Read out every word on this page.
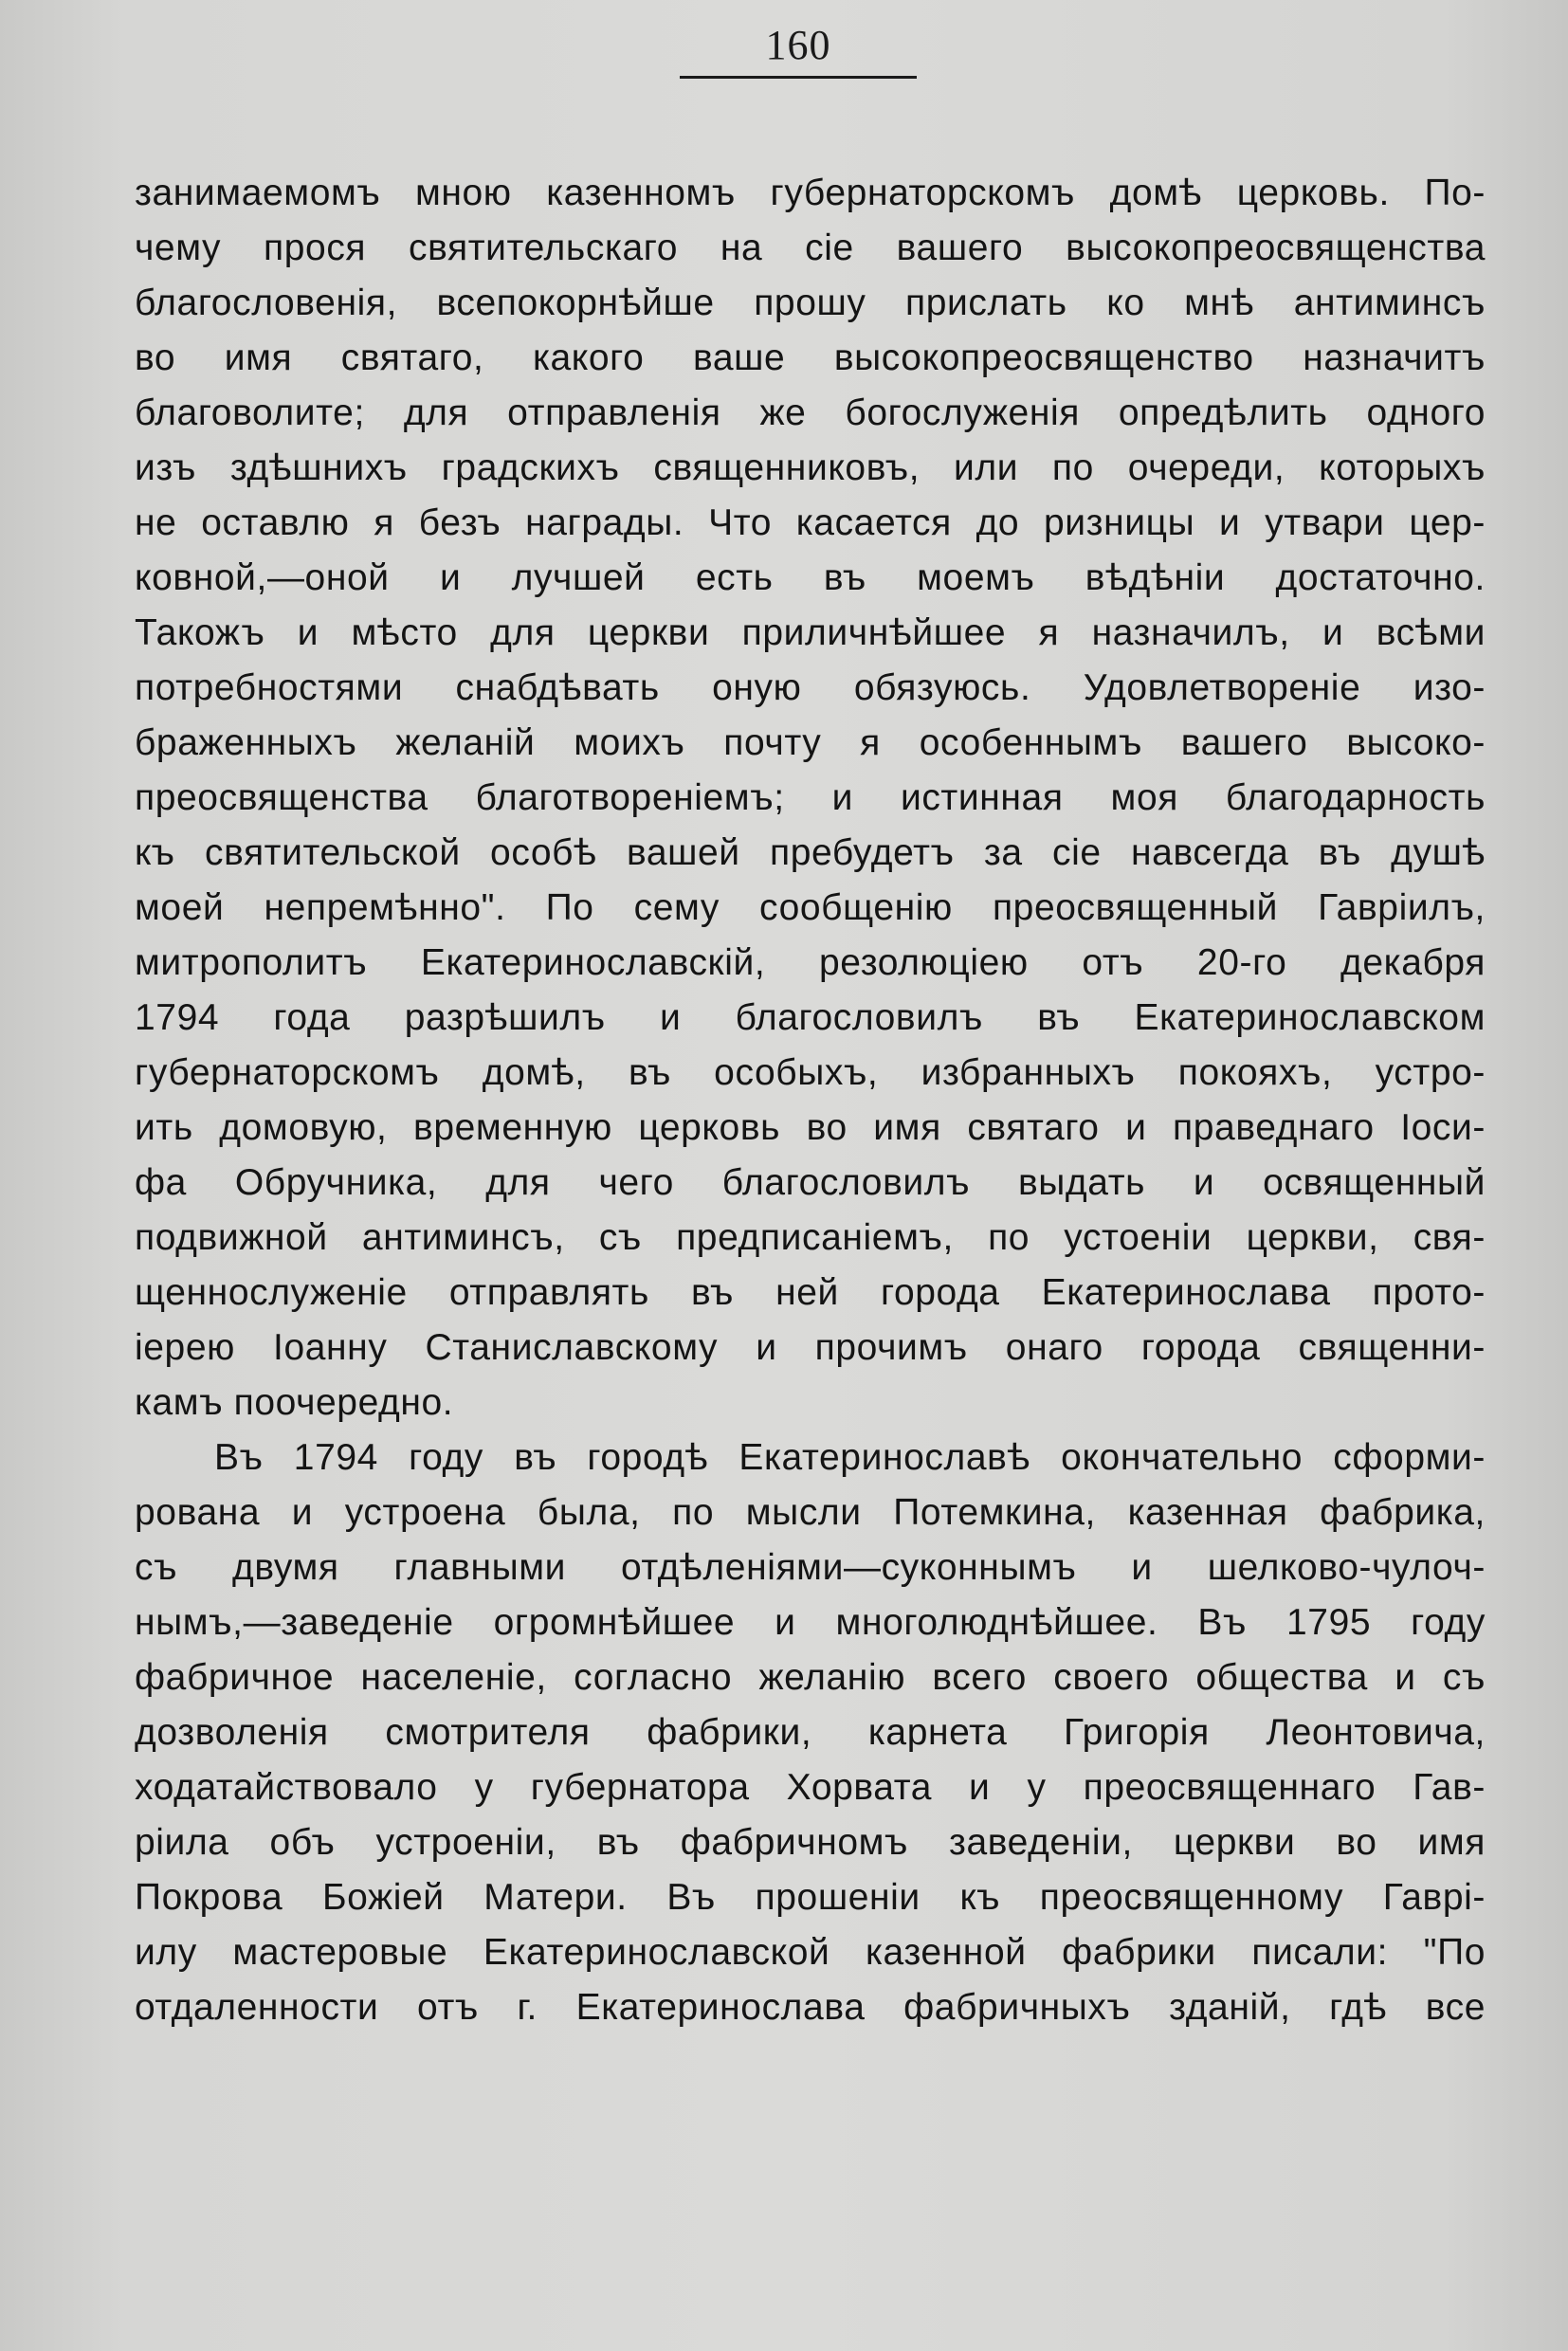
160
занимаемомъ мною казенномъ губернаторскомъ домѣ церковь. По-
чему прося святительскаго на сіе вашего высокопреосвященства
благословенія, всепокорнѣйше прошу прислать ко мнѣ антиминсъ
во имя святаго, какого ваше высокопреосвященство назначитъ
благоволите; для отправленія же богослуженія опредѣлить одного
изъ здѣшнихъ градскихъ священниковъ, или по очереди, которыхъ
не оставлю я безъ награды. Что касается до ризницы и утвари цер-
ковной,—оной и лучшей есть въ моемъ вѣдѣніи достаточно.
Такожъ и мѣсто для церкви приличнѣйшее я назначилъ, и всѣми
потребностями снабдѣвать оную обязуюсь. Удовлетвореніе изо-
браженныхъ желаній моихъ почту я особеннымъ вашего высоко-
преосвященства благотвореніемъ; и истинная моя благодарность
къ святительской особѣ вашей пребудетъ за сіе навсегда въ душѣ
моей непремѣнно". По сему сообщенію преосвященный Гавріилъ,
митрополитъ Екатеринославскій, резолюціею отъ 20-го декабря
1794 года разрѣшилъ и благословилъ въ Екатеринославском
губернаторскомъ домѣ, въ особыхъ, избранныхъ покояхъ, устро-
ить домовую, временную церковь во имя святаго и праведнаго Іоси-
фа Обручника, для чего благословилъ выдать и освященный
подвижной антиминсъ, съ предписаніемъ, по устоеніи церкви, свя-
щеннослуженіе отправлять въ ней города Екатеринослава прото-
іерею Іоанну Станиславскому и прочимъ онаго города священни-
камъ поочередно.
Въ 1794 году въ городѣ Екатеринославѣ окончательно сформи-
рована и устроена была, по мысли Потемкина, казенная фабрика,
съ двумя главными отдѣленіями—суконнымъ и шелково-чулоч-
нымъ,—заведеніе огромнѣйшее и многолюднѣйшее. Въ 1795 году
фабричное населеніе, согласно желанію всего своего общества и съ
дозволенія смотрителя фабрики, карнета Григорія Леонтовича,
ходатайствовало у губернатора Хорвата и у преосвященнаго Гав-
ріила объ устроеніи, въ фабричномъ заведеніи, церкви во имя
Покрова Божіей Матери. Въ прошеніи къ преосвященному Гаврі-
илу мастеровые Екатеринославской казенной фабрики писали: "По
отдаленности отъ г. Екатеринослава фабричныхъ зданій, гдѣ все
